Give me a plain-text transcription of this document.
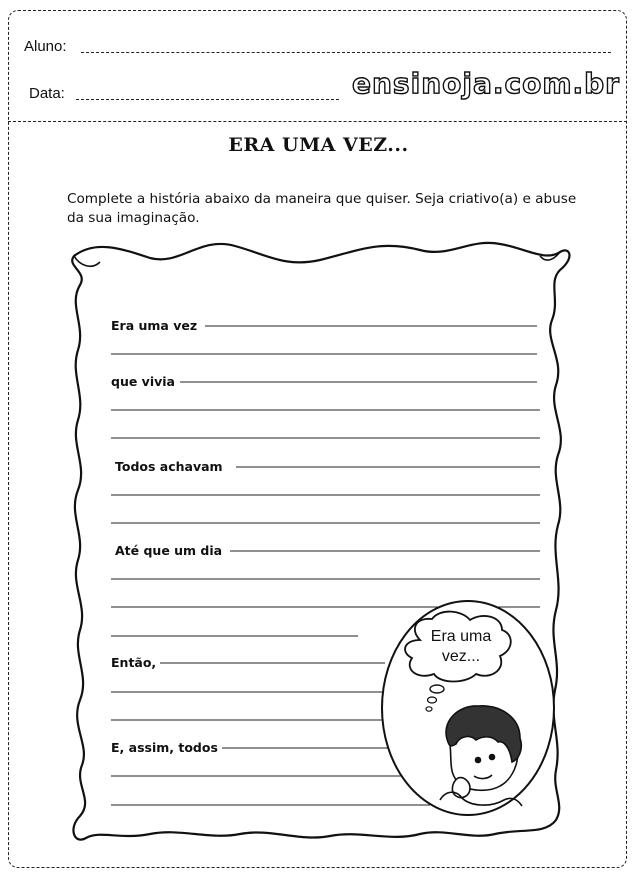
Aluno:
Data:	ensinoja.com.br
ERA UMA VEZ...
Complete a história abaixo da maneira que quiser. Seja criativo(a) e abuse da sua imaginação.
Era uma vez
que vivia
Todos achavam
Até que um dia
Então,
E, assim, todos
Era uma
vez...
